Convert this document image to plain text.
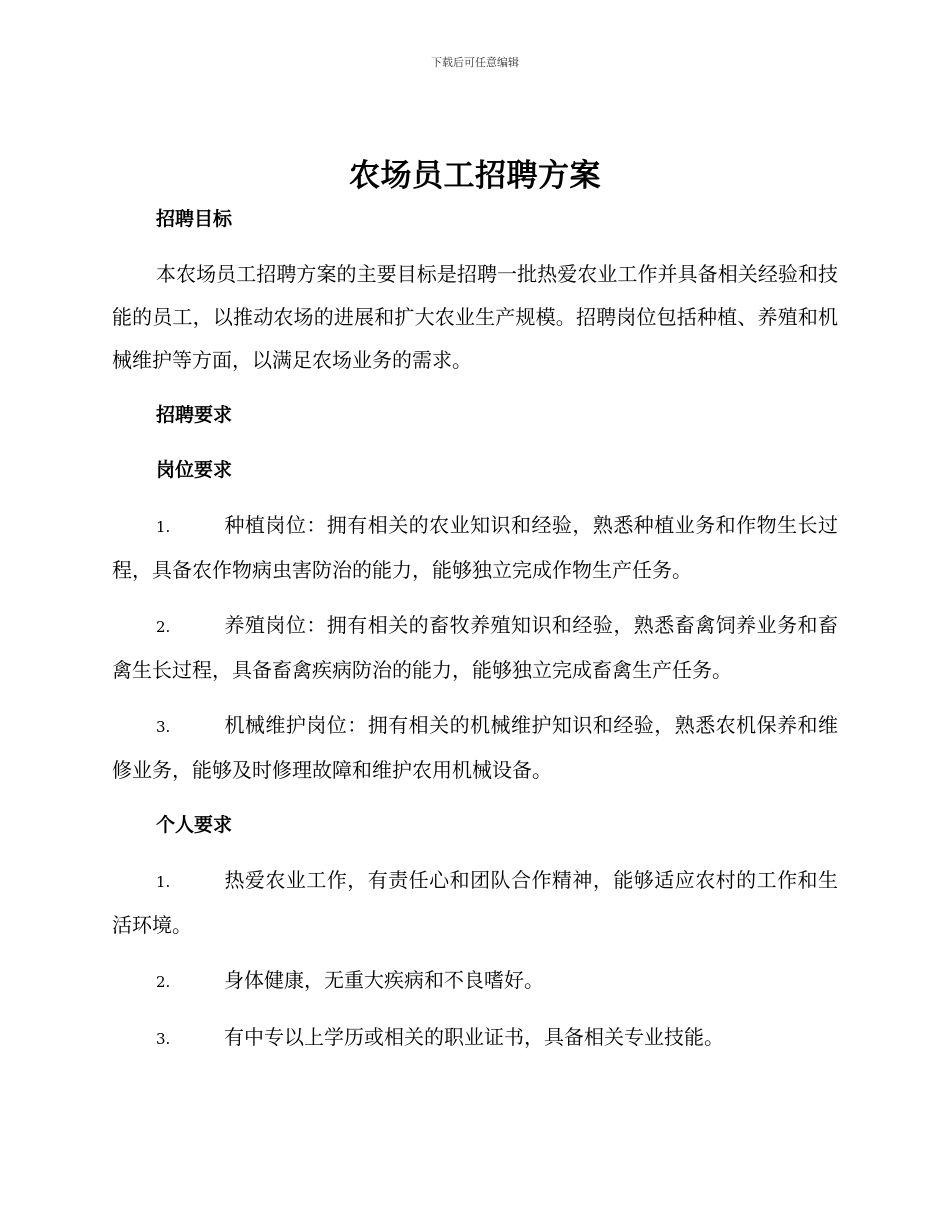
下载后可任意编辑
农场员工招聘方案
招聘目标

本农场员工招聘方案的主要目标是招聘一批热爱农业工作并具备相关经验和技能的员工，以推动农场的进展和扩大农业生产规模。招聘岗位包括种植、养殖和机械维护等方面，以满足农场业务的需求。

招聘要求
岗位要求

1.	种植岗位：拥有相关的农业知识和经验，熟悉种植业务和作物生长过程，具备农作物病虫害防治的能力，能够独立完成作物生产任务。

2.	养殖岗位：拥有相关的畜牧养殖知识和经验，熟悉畜禽饲养业务和畜禽生长过程，具备畜禽疾病防治的能力，能够独立完成畜禽生产任务。

3.	机械维护岗位：拥有相关的机械维护知识和经验，熟悉农机保养和维修业务，能够及时修理故障和维护农用机械设备。

个人要求

1.	热爱农业工作，有责任心和团队合作精神，能够适应农村的工作和生活环境。

2.	身体健康，无重大疾病和不良嗜好。

3.	有中专以上学历或相关的职业证书，具备相关专业技能。
